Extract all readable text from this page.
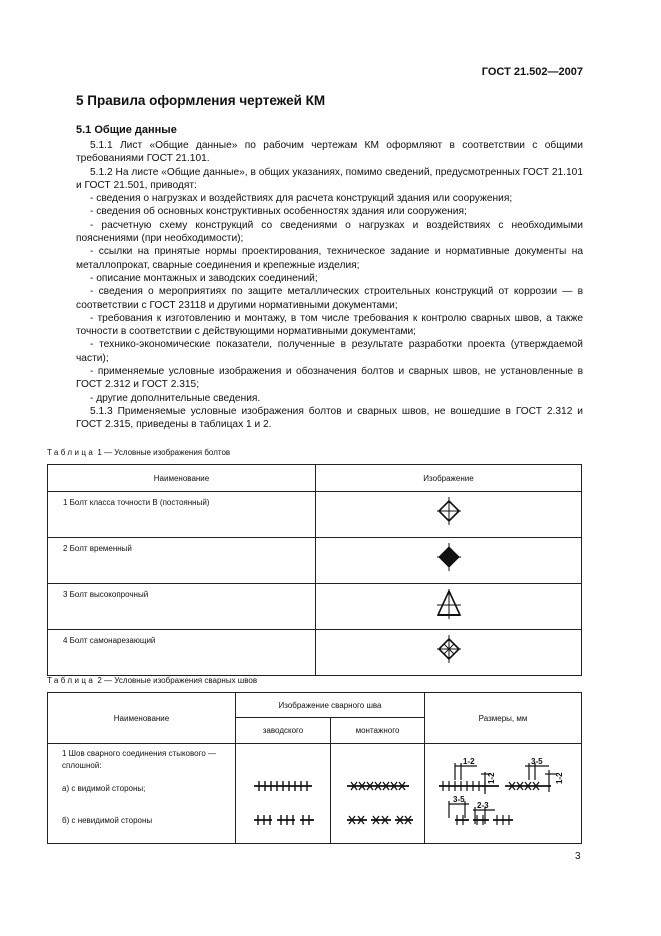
ГОСТ 21.502—2007
5 Правила оформления чертежей КМ
5.1 Общие данные

5.1.1 Лист «Общие данные» по рабочим чертежам КМ оформляют в соответствии с общими требованиями ГОСТ 21.101.

5.1.2 На листе «Общие данные», в общих указаниях, помимо сведений, предусмотренных ГОСТ 21.101 и ГОСТ 21.501, приводят:

- сведения о нагрузках и воздействиях для расчета конструкций здания или сооружения;

- сведения об основных конструктивных особенностях здания или сооружения;

- расчетную схему конструкций со сведениями о нагрузках и воздействиях с необходимыми пояснениями (при необходимости);

- ссылки на принятые нормы проектирования, техническое задание и нормативные документы на металлопрокат, сварные соединения и крепежные изделия;

- описание монтажных и заводских соединений;

- сведения о мероприятиях по защите металлических строительных конструкций от коррозии — в соответствии с ГОСТ 23118 и другими нормативными документами;

- требования к изготовлению и монтажу, в том числе требования к контролю сварных швов, а также точности в соответствии с действующими нормативными документами;

- технико-экономические показатели, полученные в результате разработки проекта (утверждаемой части);

- применяемые условные изображения и обозначения болтов и сварных швов, не установленные в ГОСТ 2.312 и ГОСТ 2.315;

- другие дополнительные сведения.

5.1.3 Применяемые условные изображения болтов и сварных швов, не вошедшие в ГОСТ 2.312 и ГОСТ 2.315, приведены в таблицах 1 и 2.

Таблица 1 — Условные изображения болтов
Наименование	Изображение
1 Болт класса точности В (постоянный)	
2 Болт временный	
3 Болт высокопрочный	
4 Болт самонарезающий	
Таблица 2 — Условные изображения сварных швов
Наименование	Изображение сварного шва	Размеры, мм
заводского	монтажного

1 Шов сварного соединения стыкового — сплошной:
а) с видимой стороны;
б) с невидимой стороны

1-2	3-5
3-5
2-3
1-2	1-2
3
